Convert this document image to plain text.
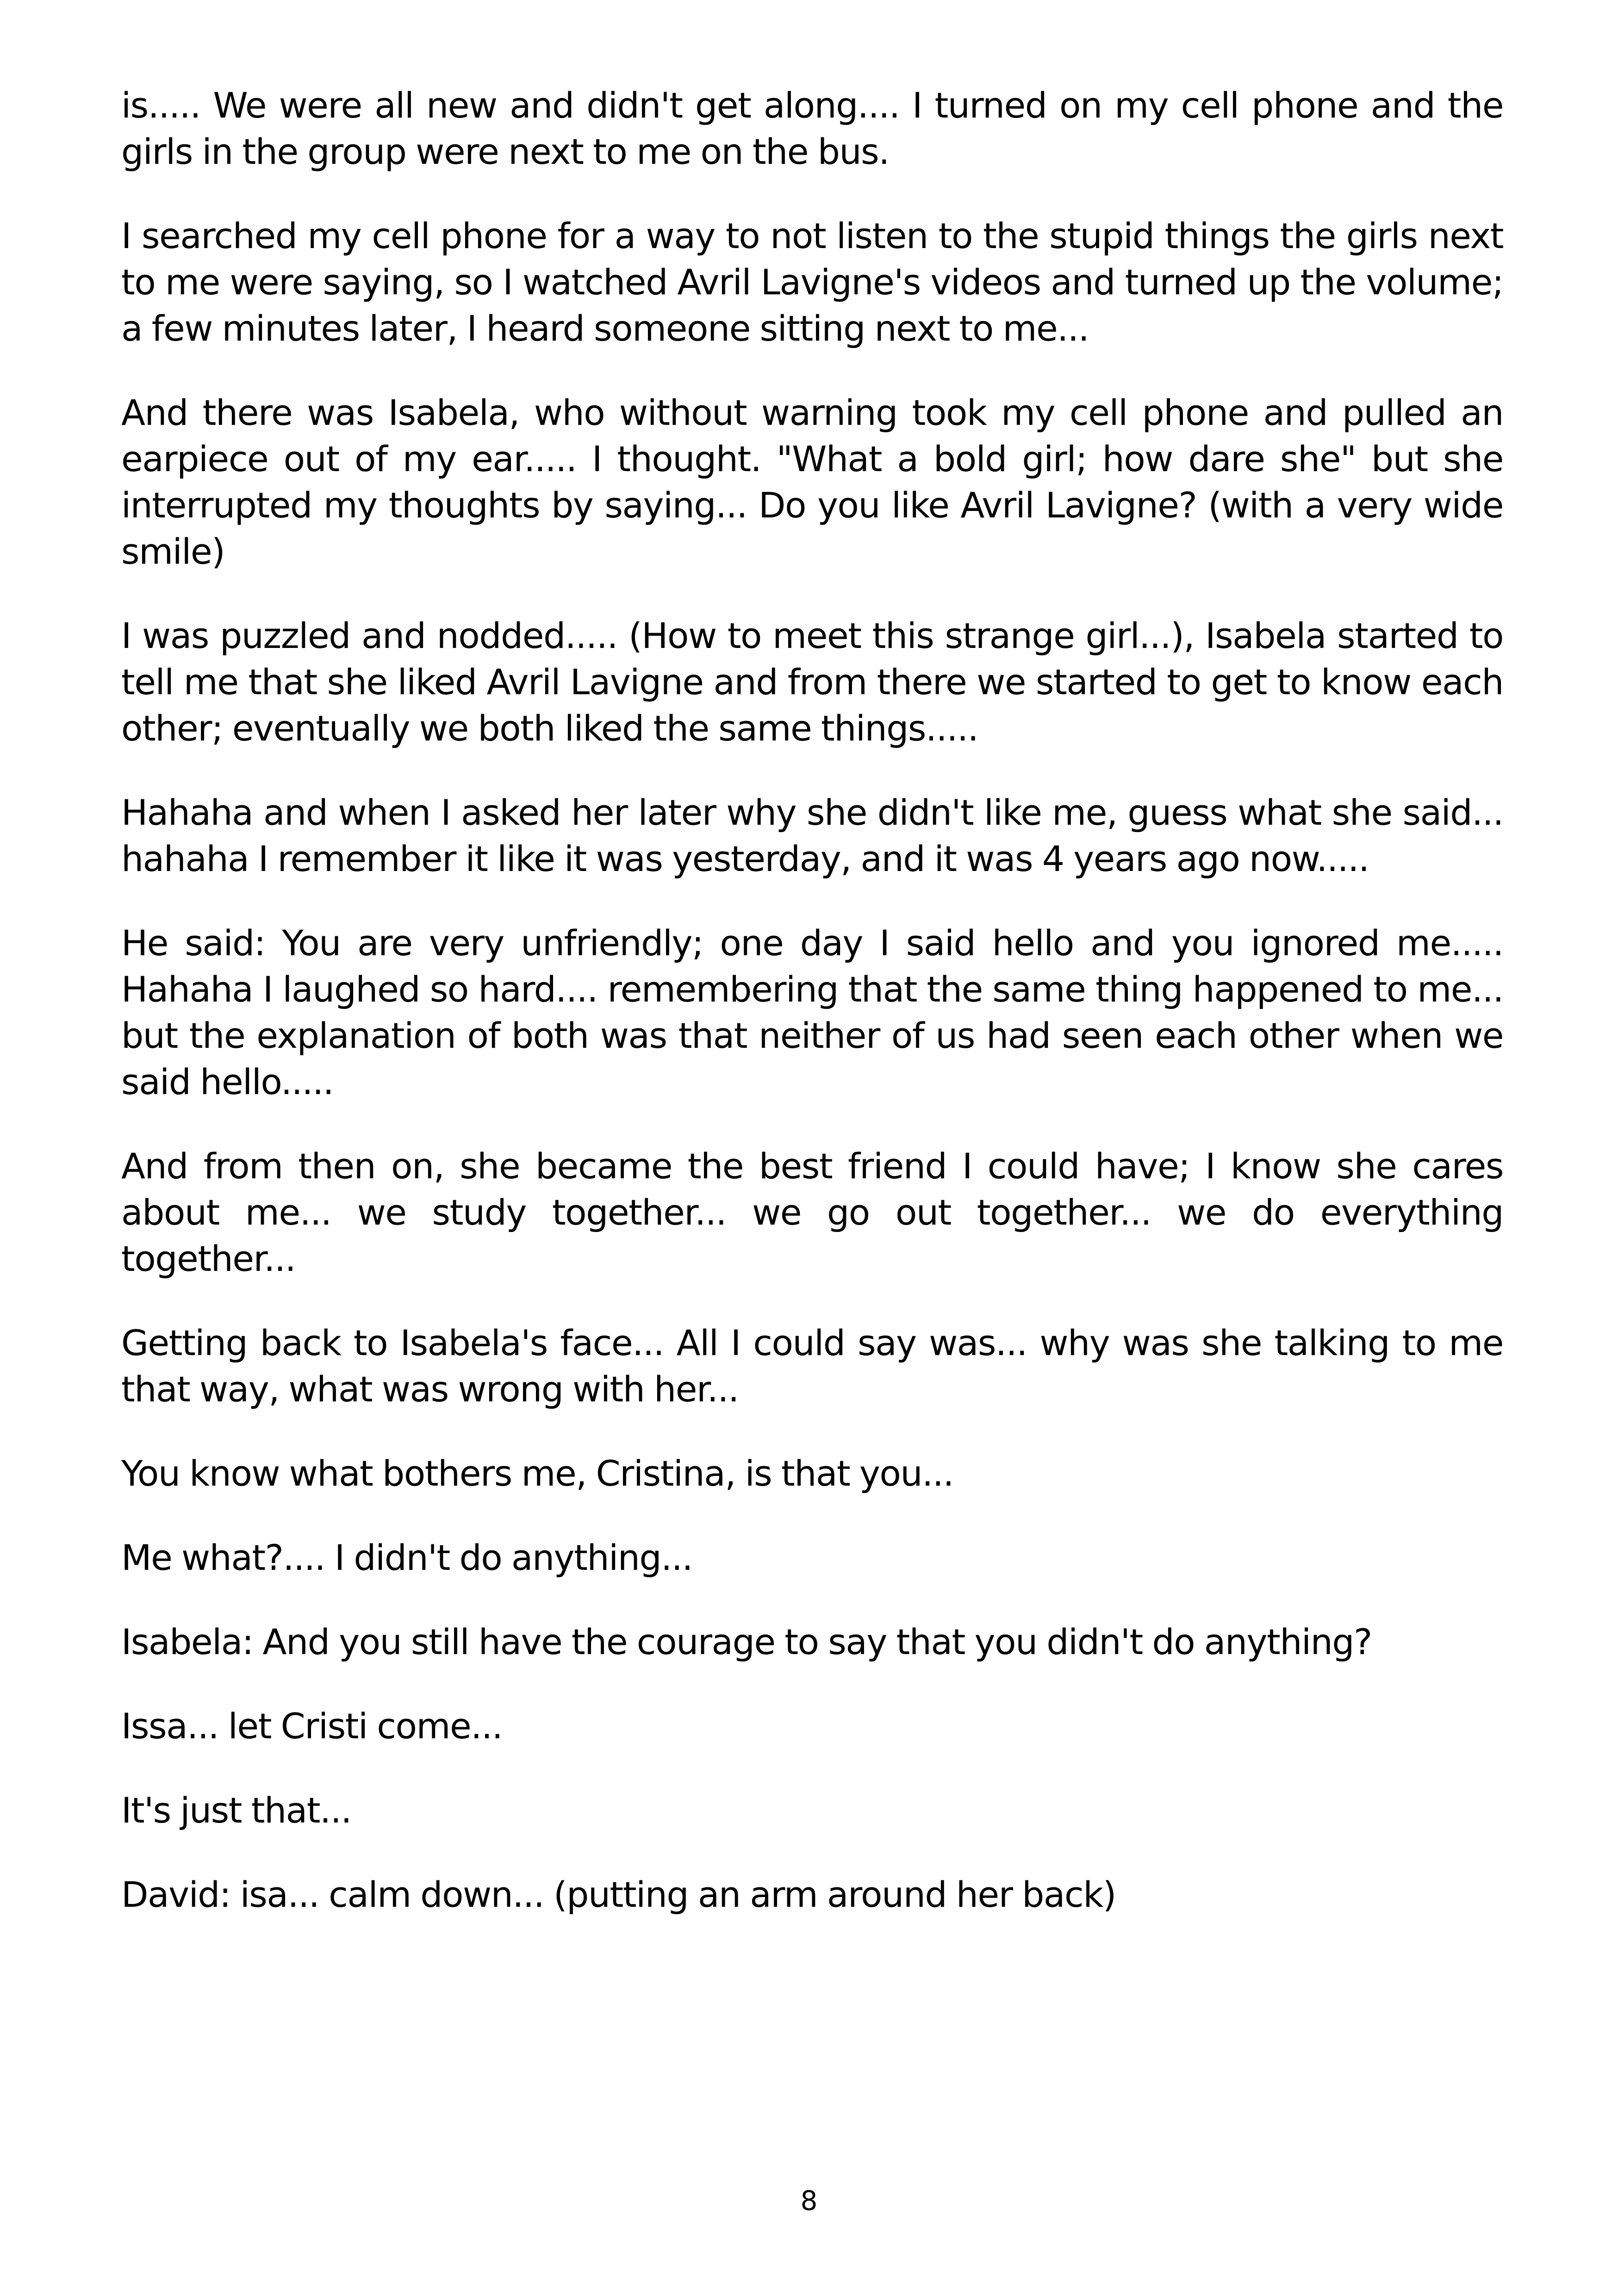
is..... We were all new and didn't get along.... I turned on my cell phone and the girls in the group were next to me on the bus.

I searched my cell phone for a way to not listen to the stupid things the girls next to me were saying, so I watched Avril Lavigne's videos and turned up the volume; a few minutes later, I heard someone sitting next to me...

And there was Isabela, who without warning took my cell phone and pulled an earpiece out of my ear..... I thought. "What a bold girl; how dare she" but she interrupted my thoughts by saying... Do you like Avril Lavigne? (with a very wide smile)

I was puzzled and nodded..... (How to meet this strange girl...), Isabela started to tell me that she liked Avril Lavigne and from there we started to get to know each other; eventually we both liked the same things.....

Hahaha and when I asked her later why she didn't like me, guess what she said... hahaha I remember it like it was yesterday, and it was 4 years ago now.....

He said: You are very unfriendly; one day I said hello and you ignored me..... Hahaha I laughed so hard.... remembering that the same thing happened to me... but the explanation of both was that neither of us had seen each other when we said hello.....

And from then on, she became the best friend I could have; I know she cares about me... we study together... we go out together... we do everything together...

Getting back to Isabela's face... All I could say was... why was she talking to me that way, what was wrong with her...

You know what bothers me, Cristina, is that you...

Me what?.... I didn't do anything...

Isabela: And you still have the courage to say that you didn't do anything?

Issa... let Cristi come...

It's just that...

David: isa... calm down... (putting an arm around her back)

8
